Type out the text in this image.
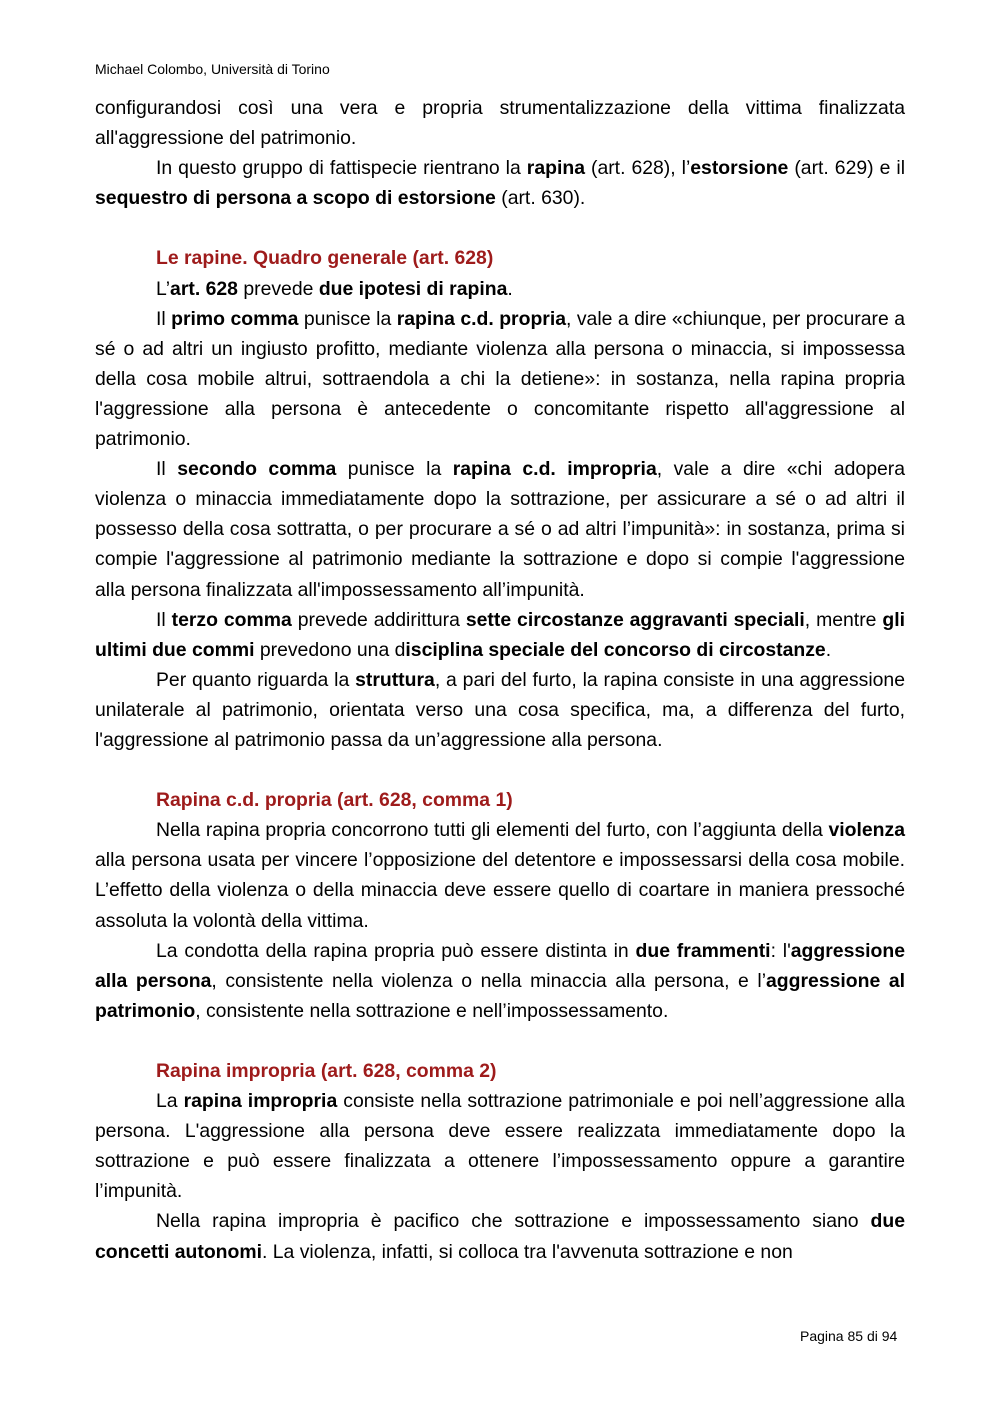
Michael Colombo, Università di Torino

configurandosi così una vera e propria strumentalizzazione della vittima finalizzata all'aggressione del patrimonio.

In questo gruppo di fattispecie rientrano la rapina (art. 628), l’estorsione (art. 629) e il sequestro di persona a scopo di estorsione (art. 630).

Le rapine. Quadro generale (art. 628)

L’art. 628 prevede due ipotesi di rapina.

Il primo comma punisce la rapina c.d. propria, vale a dire «chiunque, per procurare a sé o ad altri un ingiusto profitto, mediante violenza alla persona o minaccia, si impossessa della cosa mobile altrui, sottraendola a chi la detiene»: in sostanza, nella rapina propria l'aggressione alla persona è antecedente o concomitante rispetto all'aggressione al patrimonio.

Il secondo comma punisce la rapina c.d. impropria, vale a dire «chi adopera violenza o minaccia immediatamente dopo la sottrazione, per assicurare a sé o ad altri il possesso della cosa sottratta, o per procurare a sé o ad altri l’impunità»: in sostanza, prima si compie l'aggressione al patrimonio mediante la sottrazione e dopo si compie l'aggressione alla persona finalizzata all'impossessamento all’impunità.

Il terzo comma prevede addirittura sette circostanze aggravanti speciali, mentre gli ultimi due commi prevedono una disciplina speciale del concorso di circostanze.

Per quanto riguarda la struttura, a pari del furto, la rapina consiste in una aggressione unilaterale al patrimonio, orientata verso una cosa specifica, ma, a differenza del furto, l'aggressione al patrimonio passa da un’aggressione alla persona.

Rapina c.d. propria (art. 628, comma 1)

Nella rapina propria concorrono tutti gli elementi del furto, con l’aggiunta della violenza alla persona usata per vincere l’opposizione del detentore e impossessarsi della cosa mobile. L’effetto della violenza o della minaccia deve essere quello di coartare in maniera pressoché assoluta la volontà della vittima.

La condotta della rapina propria può essere distinta in due frammenti: l'aggressione alla persona, consistente nella violenza o nella minaccia alla persona, e l’aggressione al patrimonio, consistente nella sottrazione e nell’impossessamento.

Rapina impropria (art. 628, comma 2)

La rapina impropria consiste nella sottrazione patrimoniale e poi nell’aggressione alla persona. L'aggressione alla persona deve essere realizzata immediatamente dopo la sottrazione e può essere finalizzata a ottenere l’impossessamento oppure a garantire l’impunità.

Nella rapina impropria è pacifico che sottrazione e impossessamento siano due concetti autonomi. La violenza, infatti, si colloca tra l'avvenuta sottrazione e non

Pagina 85 di 94
